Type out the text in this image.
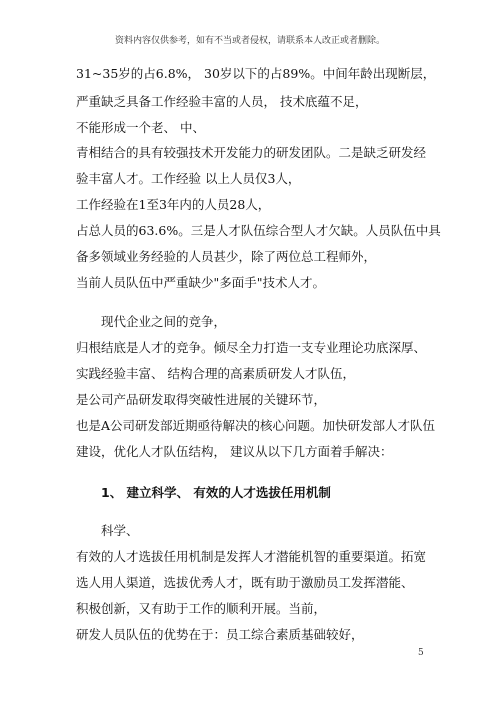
资料内容仅供参考，如有不当或者侵权，请联系本人改正或者删除。
31~35岁的占6.8%， 30岁以下的占89%。中间年龄出现断层，
严重缺乏具备工作经验丰富的人员， 技术底蕴不足，
不能形成一个老、 中、
青相结合的具有较强技术开发能力的研发团队。二是缺乏研发经
验丰富人才。工作经验 以上人员仅3人，
工作经验在1至3年内的人员28人，
占总人员的63.6%。三是人才队伍综合型人才欠缺。人员队伍中具
备多领域业务经验的人员甚少，除了两位总工程师外，
当前人员队伍中严重缺少"多面手"技术人才。
现代企业之间的竞争，
归根结底是人才的竞争。倾尽全力打造一支专业理论功底深厚、
实践经验丰富、 结构合理的高素质研发人才队伍，
是公司产品研发取得突破性进展的关键环节，
也是A公司研发部近期亟待解决的核心问题。加快研发部人才队伍
建设，优化人才队伍结构， 建议从以下几方面着手解决：
1、 建立科学、 有效的人才选拔任用机制
科学、
有效的人才选拔任用机制是发挥人才潜能机智的重要渠道。拓宽
选人用人渠道，选拔优秀人才，既有助于激励员工发挥潜能、
积极创新，又有助于工作的顺利开展。当前，
研发人员队伍的优势在于：员工综合素质基础较好，
5
